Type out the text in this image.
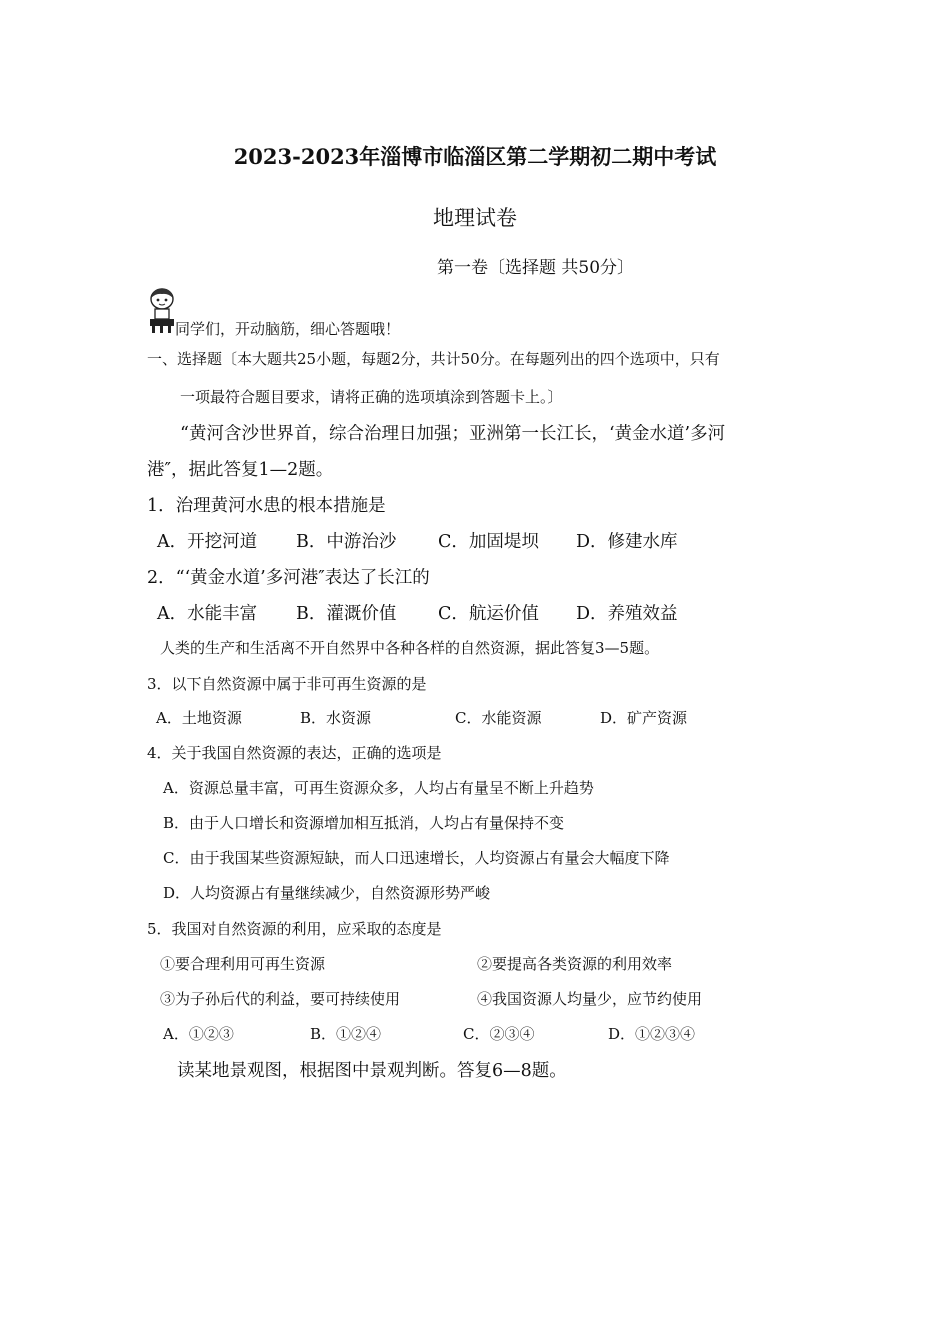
2023-2023年淄博市临淄区第二学期初二期中考试
地理试卷
第一卷〔选择题 共50分〕
同学们，开动脑筋，细心答题哦！
一、选择题〔本大题共25小题，每题2分，共计50分。在每题列出的四个选项中，只有
一项最符合题目要求，请将正确的选项填涂到答题卡上。〕
“黄河含沙世界首，综合治理日加强；亚洲第一长江长，‘黄金水道’多河
港″，据此答复1—2题。
1．治理黄河水患的根本措施是
A．开挖河道 B．中游治沙 C．加固堤坝 D．修建水库
2．“‘黄金水道’多河港″表达了长江的
A．水能丰富 B．灌溉价值 C．航运价值 D．养殖效益
人类的生产和生活离不开自然界中各种各样的自然资源，据此答复3—5题。
3．以下自然资源中属于非可再生资源的是
A．土地资源	B．水资源	C．水能资源	D．矿产资源
4．关于我国自然资源的表达，正确的选项是
A．资源总量丰富，可再生资源众多，人均占有量呈不断上升趋势
B．由于人口增长和资源增加相互抵消，人均占有量保持不变
C．由于我国某些资源短缺，而人口迅速增长，人均资源占有量会大幅度下降
D．人均资源占有量继续减少，自然资源形势严峻
5．我国对自然资源的利用，应采取的态度是
①要合理利用可再生资源	②要提高各类资源的利用效率
③为子孙后代的利益，要可持续使用	④我国资源人均量少，应节约使用
A．①②③	B．①②④	C．②③④	D．①②③④
读某地景观图，根据图中景观判断。答复6—8题。
